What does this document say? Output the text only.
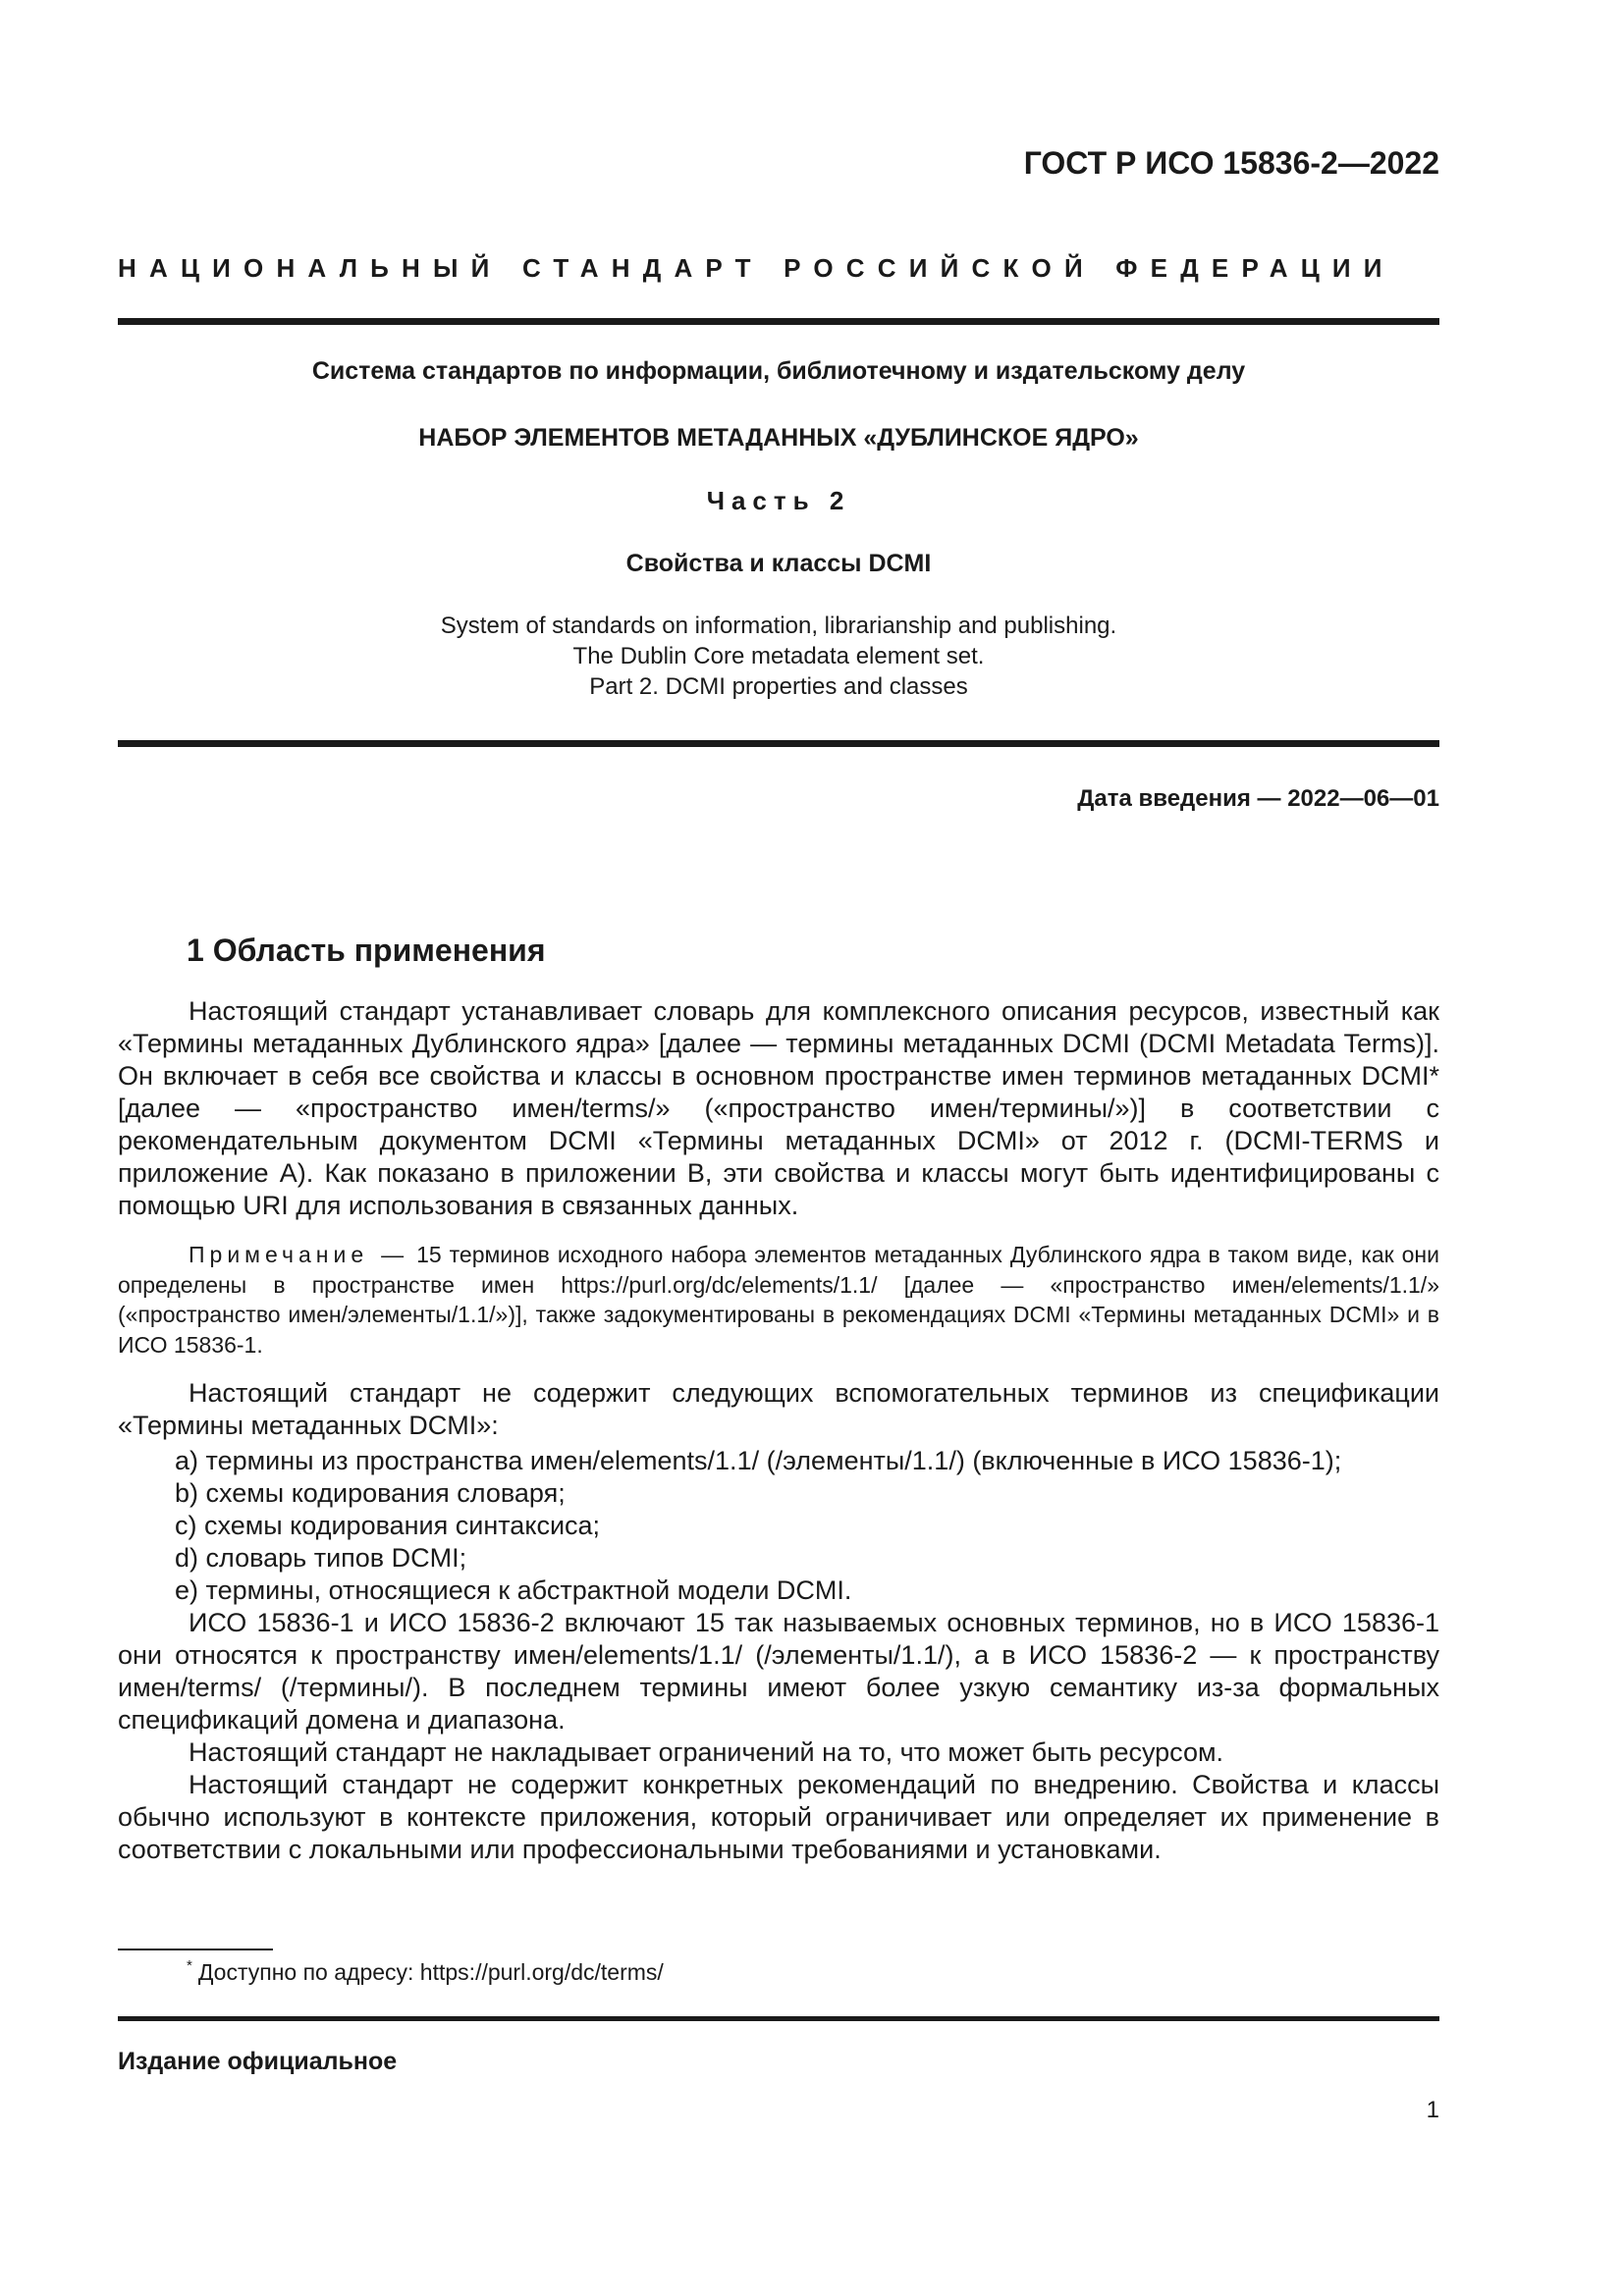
ГОСТ Р ИСО 15836-2—2022
НАЦИОНАЛЬНЫЙ СТАНДАРТ РОССИЙСКОЙ ФЕДЕРАЦИИ
Система стандартов по информации, библиотечному и издательскому делу
НАБОР ЭЛЕМЕНТОВ МЕТАДАННЫХ «ДУБЛИНСКОЕ ЯДРО»
Часть 2
Свойства и классы DCMI
System of standards on information, librarianship and publishing.
The Dublin Core metadata element set.
Part 2. DCMI properties and classes
Дата введения — 2022—06—01
1 Область применения
Настоящий стандарт устанавливает словарь для комплексного описания ресурсов, известный как «Термины метаданных Дублинского ядра» [далее — термины метаданных DCMI (DCMI Metadata Terms)]. Он включает в себя все свойства и классы в основном пространстве имен терминов метаданных DCMI* [далее — «пространство имен/terms/» («пространство имен/термины/»)] в соответствии с рекомендательным документом DCMI «Термины метаданных DCMI» от 2012 г. (DCMI-TERMS и приложение A). Как показано в приложении B, эти свойства и классы могут быть идентифицированы с помощью URI для использования в связанных данных.
Примечание — 15 терминов исходного набора элементов метаданных Дублинского ядра в таком виде, как они определены в пространстве имен https://purl.org/dc/elements/1.1/ [далее — «пространство имен/elements/1.1/» («пространство имен/элементы/1.1/»)], также задокументированы в рекомендациях DCMI «Термины метаданных DCMI» и в ИСО 15836-1.
Настоящий стандарт не содержит следующих вспомогательных терминов из спецификации «Термины метаданных DCMI»:
a) термины из пространства имен/elements/1.1/ (/элементы/1.1/) (включенные в ИСО 15836-1);
b) схемы кодирования словаря;
c) схемы кодирования синтаксиса;
d) словарь типов DCMI;
e) термины, относящиеся к абстрактной модели DCMI.
ИСО 15836-1 и ИСО 15836-2 включают 15 так называемых основных терминов, но в ИСО 15836-1 они относятся к пространству имен/elements/1.1/ (/элементы/1.1/), а в ИСО 15836-2 — к пространству имен/terms/ (/термины/). В последнем термины имеют более узкую семантику из-за формальных спецификаций домена и диапазона.
Настоящий стандарт не накладывает ограничений на то, что может быть ресурсом.
Настоящий стандарт не содержит конкретных рекомендаций по внедрению. Свойства и классы обычно используют в контексте приложения, который ограничивает или определяет их применение в соответствии с локальными или профессиональными требованиями и установками.
* Доступно по адресу: https://purl.org/dc/terms/
Издание официальное
1
